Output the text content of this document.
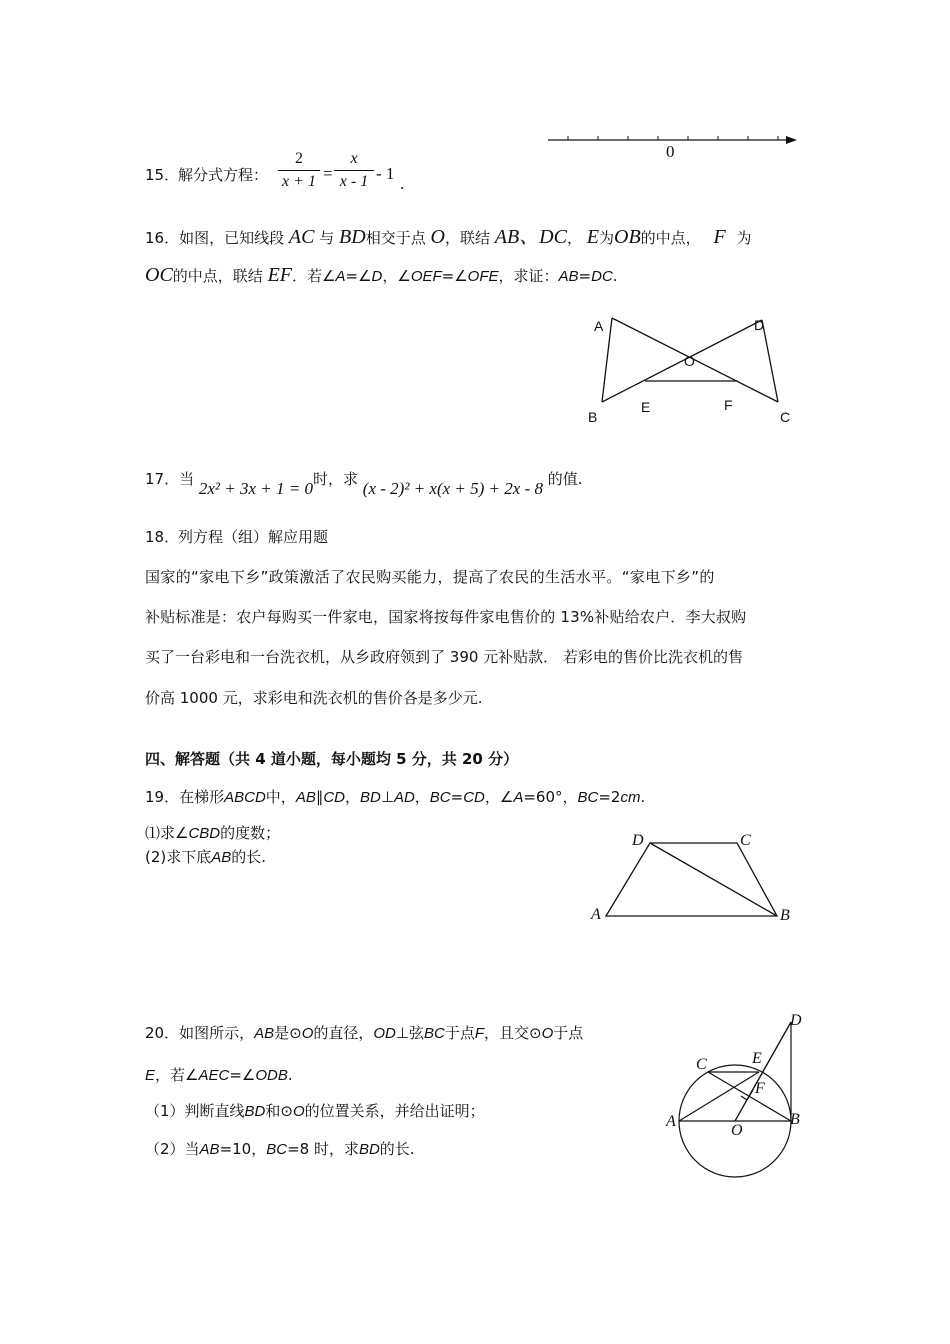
0
15．
解分式方程：
2
x + 1 =
x
x - 1 - 1
.
16．如图，已知线段 AC 与 BD相交于点 O，联结 AB、DC， E为OB的中点， F 为
OC的中点，联结 EF．若∠A=∠D，∠OEF=∠OFE，求证：AB=DC.
A	D
O
B
E	F
C
17．当 2x² + 3x + 1 = 0时，求 (x - 2)² + x(x + 5) + 2x - 8 的值.
18．
列方程（组）解应用题
国家的“家电下乡”政策激活了农民购买能力，提高了农民的生活水平。“家电下乡”的
补贴标准是：农户每购买一件家电，国家将按每件家电售价的 13%补贴给农户．李大叔购
买了一台彩电和一台洗衣机，从乡政府领到了 390 元补贴款． 若彩电的售价比洗衣机的售
价高 1000 元，求彩电和洗衣机的售价各是多少元.
四、解答题（共 4 道小题，每小题均 5 分，共 20 分）
19．在梯形ABCD中，AB∥CD，BD⊥AD，BC=CD，∠A=60°，BC=2cm.
⑴求∠CBD的度数；
(2)求下底AB的长.
D	C
A	B
20．如图所示，AB是⊙O的直径，OD⊥弦BC于点F，且交⊙O于点
E，若∠AEC=∠ODB.
（1）判断直线BD和⊙O的位置关系，并给出证明；
（2）当AB=10，BC=8 时，求BD的长.
D
C	E
F
A
O
B
